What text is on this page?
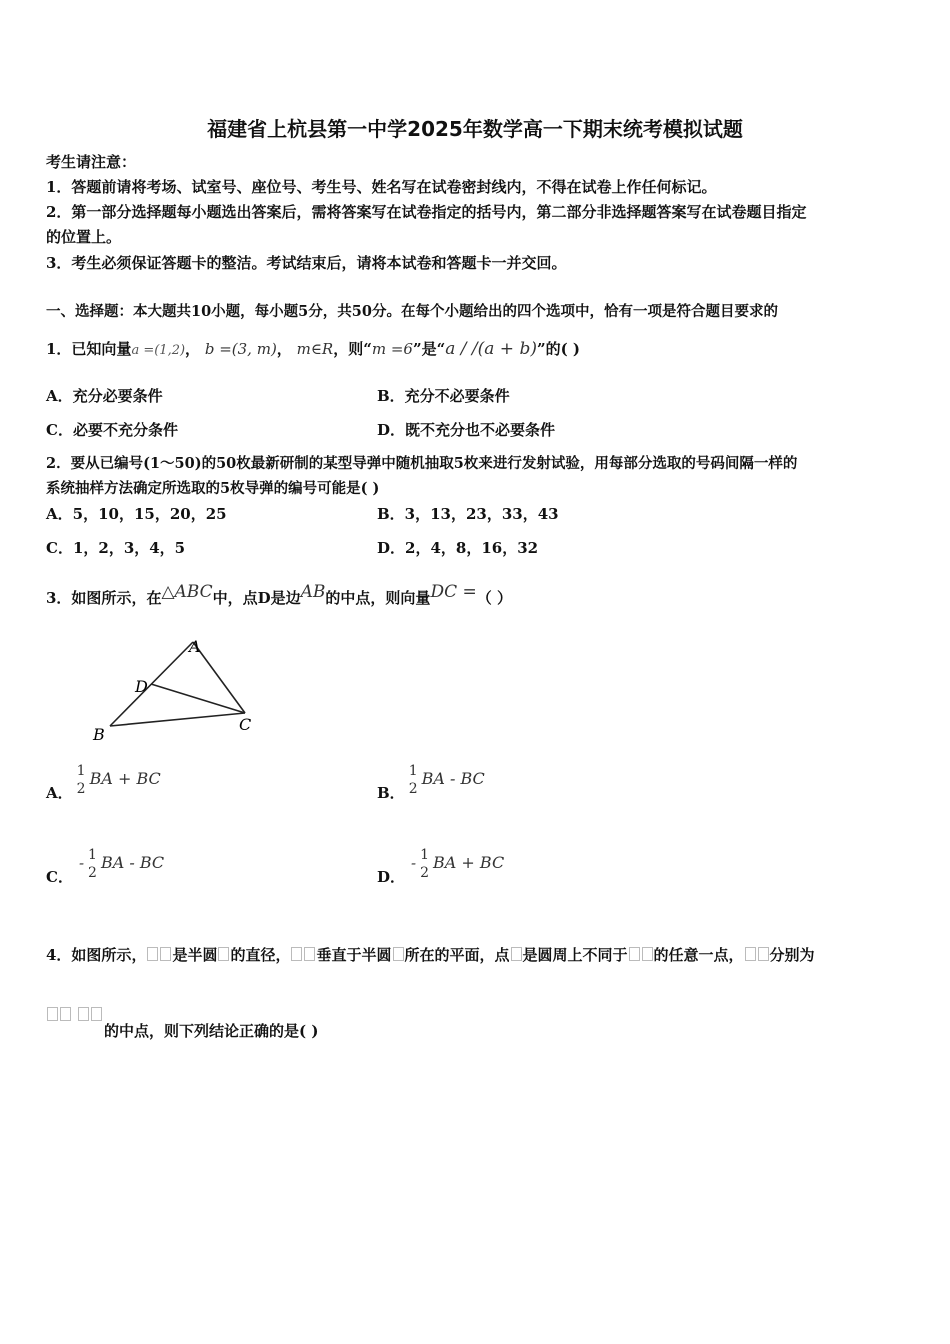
福建省上杭县第一中学2025年数学高一下期末统考模拟试题
考生请注意：
1．答题前请将考场、试室号、座位号、考生号、姓名写在试卷密封线内，不得在试卷上作任何标记。
2．第一部分选择题每小题选出答案后，需将答案写在试卷指定的括号内，第二部分非选择题答案写在试卷题目指定
的位置上。
3．考生必须保证答题卡的整洁。考试结束后，请将本试卷和答题卡一并交回。
一、选择题：本大题共10小题，每小题5分，共50分。在每个小题给出的四个选项中，恰有一项是符合题目要求的
1．已知向量a =(1,2)， b =(3, m)， m∈R，则“m =6”是“a / /(a + b)”的( )
A．充分必要条件	B．充分不必要条件
C．必要不充分条件	D．既不充分也不必要条件
2．要从已编号(1～50)的50枚最新研制的某型导弹中随机抽取5枚来进行发射试验，用每部分选取的号码间隔一样的
系统抽样方法确定所选取的5枚导弹的编号可能是( )
A．5，10，15，20，25	B．3，13，23，33，43
C．1，2，3，4，5	D．2，4，8，16，32
3．如图所示，在△ABC中，点D是边AB的中点，则向量DC =（ ）
A
D
B
C
A．
1
2
BA + BC
B．
1
2
BA - BC
C．- 1
2
BA - BC
D．- 1
2
BA + BC
4．如图所示， 是半圆 的直径， 垂直于半圆 所在的平面，点 是圆周上不同于 的任意一点， 分别为
的中点，则下列结论正确的是( )
